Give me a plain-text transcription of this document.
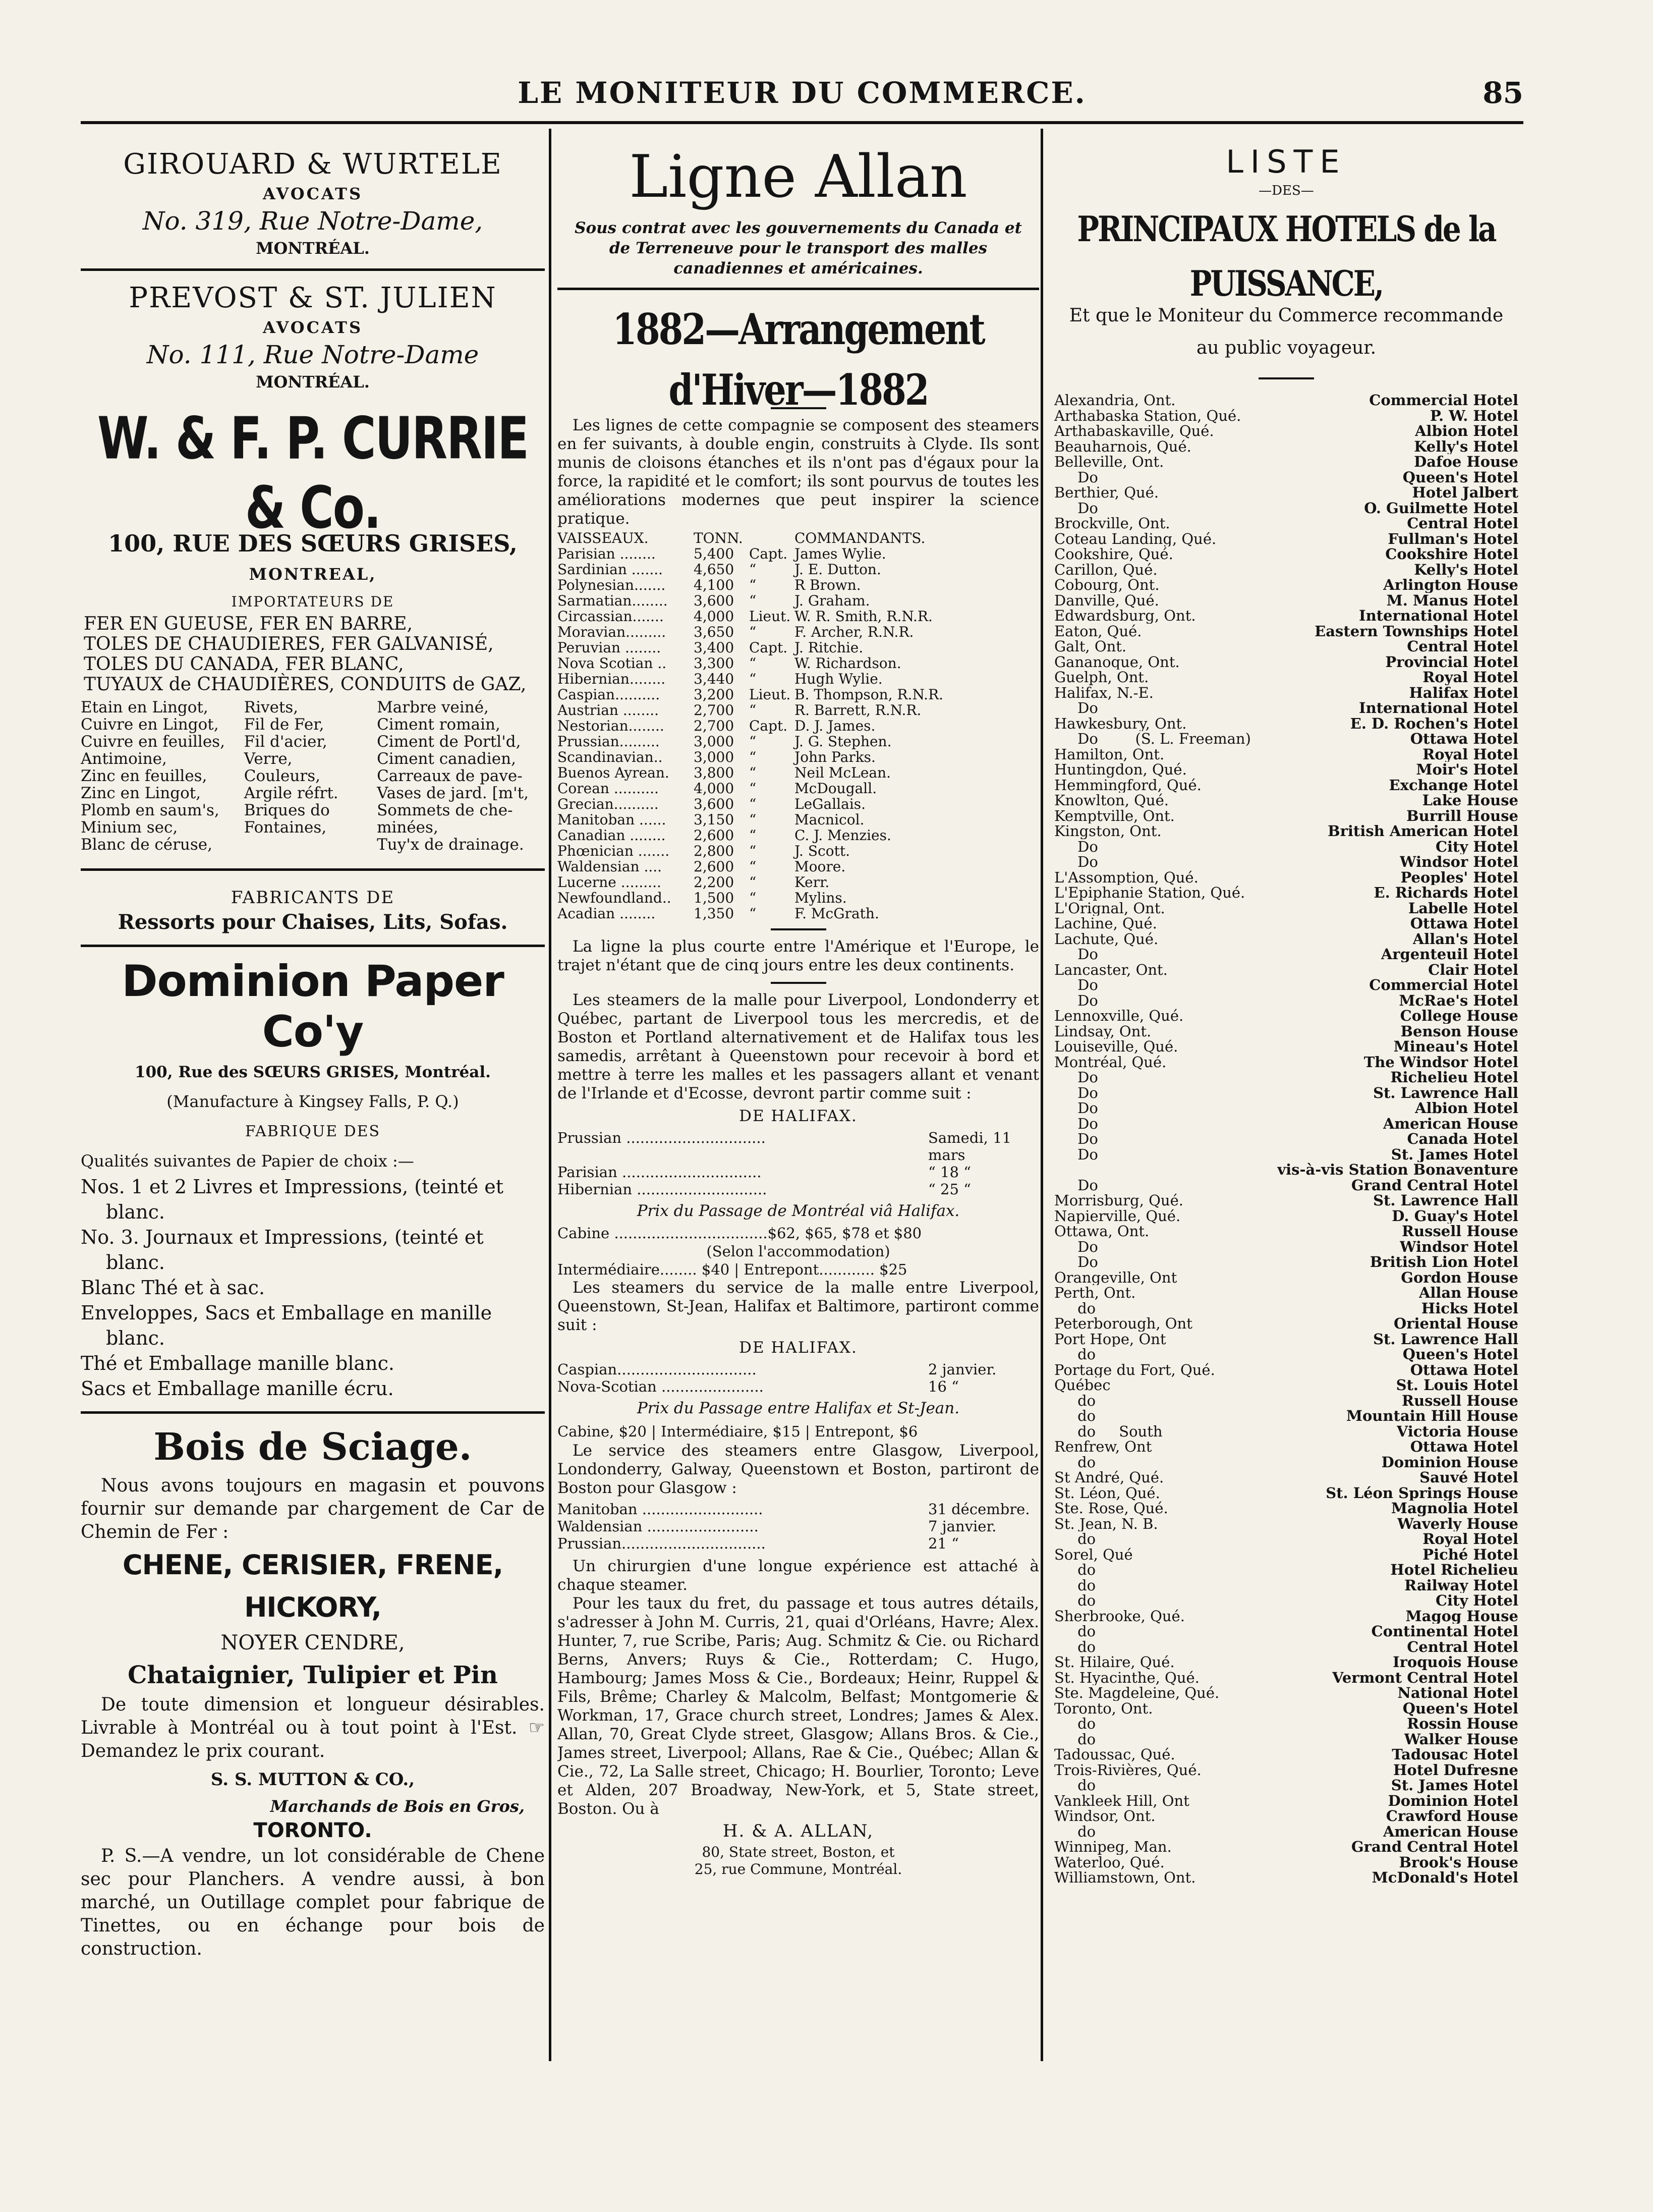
LE MONITEUR DU COMMERCE.	85

GIROUARD & WURTELE

AVOCATS

No. 319, Rue Notre-Dame,

MONTRÉAL.

PREVOST & ST. JULIEN

AVOCATS

No. 111, Rue Notre-Dame

MONTRÉAL.

W. & F. P. CURRIE & Co.

100, RUE DES SŒURS GRISES,

MONTREAL,

IMPORTATEURS DE

FER EN GUEUSE, FER EN BARRE,
TOLES DE CHAUDIERES, FER GALVANISÉ,
TOLES DU CANADA, FER BLANC,
TUYAUX de CHAUDIÈRES, CONDUITS de GAZ,
Etain en Lingot,	Rivets,	Marbre veiné,
Cuivre en Lingot,	Fil de Fer,	Ciment romain,
Cuivre en feuilles,	Fil d'acier,	Ciment de Portl'd,
Antimoine,	Verre,	Ciment canadien,
Zinc en feuilles,	Couleurs,	Carreaux de pave-
Zinc en Lingot,	Argile réfrt.	Vases de jard. [m't,
Plomb en saum's,	Briques do	Sommets de che-
Minium sec,	Fontaines,	minées,
Blanc de céruse,	Tuy'x de drainage.

FABRICANTS DE

Ressorts pour Chaises, Lits, Sofas.

Dominion Paper Co'y

100, Rue des SŒURS GRISES, Montréal.

(Manufacture à Kingsey Falls, P. Q.)

FABRIQUE DES

Qualités suivantes de Papier de choix :—

Nos. 1 et 2 Livres et Impressions, (teinté et blanc.
No. 3. Journaux et Impressions, (teinté et blanc.
Blanc Thé et à sac.
Enveloppes, Sacs et Emballage en manille blanc.
Thé et Emballage manille blanc.
Sacs et Emballage manille écru.

Bois de Sciage.

Nous avons toujours en magasin et pouvons fournir sur demande par chargement de Car de Chemin de Fer :

CHENE, CERISIER, FRENE, HICKORY,

NOYER CENDRE,

Chataignier, Tulipier et Pin

De toute dimension et longueur désirables. Livrable à Montréal ou à tout point à l'Est. ☞ Demandez le prix courant.

S. S. MUTTON & CO.,

Marchands de Bois en Gros,

TORONTO.

P. S.—A vendre, un lot considérable de Chene sec pour Planchers. A vendre aussi, à bon marché, un Outillage complet pour fabrique de Tinettes, ou en échange pour bois de construction.

Ligne Allan

Sous contrat avec les gouvernements du Canada et de Terreneuve pour le transport des malles canadiennes et américaines.

1882—Arrangement d'Hiver—1882

Les lignes de cette compagnie se composent des steamers en fer suivants, à double engin, construits à Clyde. Ils sont munis de cloisons étanches et ils n'ont pas d'égaux pour la force, la rapidité et le comfort; ils sont pourvus de toutes les améliorations modernes que peut inspirer la science pratique.

VAISSEAUX.	TONN.	COMMANDANTS.
Parisian ........	5,400	Capt. James Wylie.
Sardinian .......	4,650	“	J. E. Dutton.
Polynesian.......	4,100	“	R Brown.
Sarmatian........	3,600	“	J. Graham.
Circassian.......	4,000	Lieut. W. R. Smith, R.N.R.
Moravian.........	3,650	“	F. Archer, R.N.R.
Peruvian ........	3,400	Capt. J. Ritchie.
Nova Scotian ..	3,300	“	W. Richardson.
Hibernian........	3,440	“	Hugh Wylie.
Caspian..........	3,200	Lieut. B. Thompson, R.N.R.
Austrian ........	2,700	“	R. Barrett, R.N.R.
Nestorian........	2,700	Capt. D. J. James.
Prussian.........	3,000	“	J. G. Stephen.
Scandinavian..	3,000	“	John Parks.
Buenos Ayrean.	3,800	“	Neil McLean.
Corean ..........	4,000	“	McDougall.
Grecian..........	3,600	“	LeGallais.
Manitoban ......	3,150	“	Macnicol.
Canadian ........	2,600	“	C. J. Menzies.
Phœnician .......	2,800	“	J. Scott.
Waldensian ....	2,600	“	Moore.
Lucerne .........	2,200	“	Kerr.
Newfoundland..	1,500	“	Mylins.
Acadian ........	1,350	“	F. McGrath.

La ligne la plus courte entre l'Amérique et l'Europe, le trajet n'étant que de cinq jours entre les deux continents.

Les steamers de la malle pour Liverpool, Londonderry et Québec, partant de Liverpool tous les mercredis, et de Boston et Portland alternativement et de Halifax tous les samedis, arrêtant à Queenstown pour recevoir à bord et mettre à terre les malles et les passagers allant et venant de l'Irlande et d'Ecosse, devront partir comme suit :

DE HALIFAX.

Prussian ..............................	Samedi, 11 mars
Parisian ..............................	“ 18 “
Hibernian ............................	“ 25 “

Prix du Passage de Montréal viâ Halifax.

Cabine .................................$62, $65, $78 et $80

(Selon l'accommodation)

Intermédiaire........ $40 | Entrepont............ $25

Les steamers du service de la malle entre Liverpool, Queenstown, St-Jean, Halifax et Baltimore, partiront comme suit :

DE HALIFAX.

Caspian..............................	2 janvier.
Nova-Scotian ......................	16 “

Prix du Passage entre Halifax et St-Jean.

Cabine, $20 | Intermédiaire, $15 | Entrepont, $6

Le service des steamers entre Glasgow, Liverpool, Londonderry, Galway, Queenstown et Boston, partiront de Boston pour Glasgow :

Manitoban ..........................	31 décembre.
Waldensian ........................	7 janvier.
Prussian...............................	21 “

Un chirurgien d'une longue expérience est attaché à chaque steamer.

Pour les taux du fret, du passage et tous autres détails, s'adresser à John M. Curris, 21, quai d'Orléans, Havre; Alex. Hunter, 7, rue Scribe, Paris; Aug. Schmitz & Cie. ou Richard Berns, Anvers; Ruys & Cie., Rotterdam; C. Hugo, Hambourg; James Moss & Cie., Bordeaux; Heinr, Ruppel & Fils, Brême; Charley & Malcolm, Belfast; Montgomerie & Workman, 17, Grace church street, Londres; James & Alex. Allan, 70, Great Clyde street, Glasgow; Allans Bros. & Cie., James street, Liverpool; Allans, Rae & Cie., Québec; Allan & Cie., 72, La Salle street, Chicago; H. Bourlier, Toronto; Leve et Alden, 207 Broadway, New-York, et 5, State street, Boston. Ou à

H. & A. ALLAN,

80, State street, Boston, et

25, rue Commune, Montréal.

LISTE

—DES—

PRINCIPAUX HOTELS de la PUISSANCE,

Et que le Moniteur du Commerce recommande au public voyageur.

Alexandria, Ont.	Commercial Hotel
Arthabaska Station, Qué.	P. W. Hotel
Arthabaskaville, Qué.	Albion Hotel
Beauharnois, Qué.	Kelly's Hotel
Belleville, Ont.	Dafoe House
Do	Queen's Hotel
Berthier, Qué.	Hotel Jalbert
Do	O. Guilmette Hotel
Brockville, Ont.	Central Hotel
Coteau Landing, Qué.	Fullman's Hotel
Cookshire, Qué.	Cookshire Hotel
Carillon, Qué.	Kelly's Hotel
Cobourg, Ont.	Arlington House
Danville, Qué.	M. Manus Hotel
Edwardsburg, Ont.	International Hotel
Eaton, Qué.	Eastern Townships Hotel
Galt, Ont.	Central Hotel
Gananoque, Ont.	Provincial Hotel
Guelph, Ont.	Royal Hotel
Halifax, N.-E.	Halifax Hotel
Do	International Hotel
Hawkesbury, Ont.	E. D. Rochen's Hotel
Do        (S. L. Freeman)	Ottawa Hotel
Hamilton, Ont.	Royal Hotel
Huntingdon, Qué.	Moir's Hotel
Hemmingford, Qué.	Exchange Hotel
Knowlton, Qué.	Lake House
Kemptville, Ont.	Burrill House
Kingston, Ont.	British American Hotel
Do	City Hotel
Do	Windsor Hotel
L'Assomption, Qué.	Peoples' Hotel
L'Epiphanie Station, Qué.	E. Richards Hotel
L'Orignal, Ont.	Labelle Hotel
Lachine, Qué.	Ottawa Hotel
Lachute, Qué.	Allan's Hotel
Do	Argenteuil Hotel
Lancaster, Ont.	Clair Hotel
Do	Commercial Hotel
Do	McRae's Hotel
Lennoxville, Qué.	College House
Lindsay, Ont.	Benson House
Louiseville, Qué.	Mineau's Hotel
Montréal, Qué.	The Windsor Hotel
Do	Richelieu Hotel
Do	St. Lawrence Hall
Do	Albion Hotel
Do	American House
Do	Canada Hotel
Do	St. James Hotel
vis-à-vis Station Bonaventure
Do	Grand Central Hotel
Morrisburg, Qué.	St. Lawrence Hall
Napierville, Qué.	D. Guay's Hotel
Ottawa, Ont.	Russell House
Do	Windsor Hotel
Do	British Lion Hotel
Orangeville, Ont	Gordon House
Perth, Ont.	Allan House
do	Hicks Hotel
Peterborough, Ont	Oriental House
Port Hope, Ont	St. Lawrence Hall
do	Queen's Hotel
Portage du Fort, Qué.	Ottawa Hotel
Québec	St. Louis Hotel
do	Russell House
do	Mountain Hill House
do     South	Victoria House
Renfrew, Ont	Ottawa Hotel
do	Dominion House
St André, Qué.	Sauvé Hotel
St. Léon, Qué.	St. Léon Springs House
Ste. Rose, Qué.	Magnolia Hotel
St. Jean, N. B.	Waverly House
do	Royal Hotel
Sorel, Qué	Piché Hotel
do	Hotel Richelieu
do	Railway Hotel
do	City Hotel
Sherbrooke, Qué.	Magog House
do	Continental Hotel
do	Central Hotel
St. Hilaire, Qué.	Iroquois House
St. Hyacinthe, Qué.	Vermont Central Hotel
Ste. Magdeleine, Qué.	National Hotel
Toronto, Ont.	Queen's Hotel
do	Rossin House
do	Walker House
Tadoussac, Qué.	Tadousac Hotel
Trois-Rivières, Qué.	Hotel Dufresne
do	St. James Hotel
Vankleek Hill, Ont	Dominion Hotel
Windsor, Ont.	Crawford House
do	American House
Winnipeg, Man.	Grand Central Hotel
Waterloo, Qué.	Brook's House
Williamstown, Ont.	McDonald's Hotel
